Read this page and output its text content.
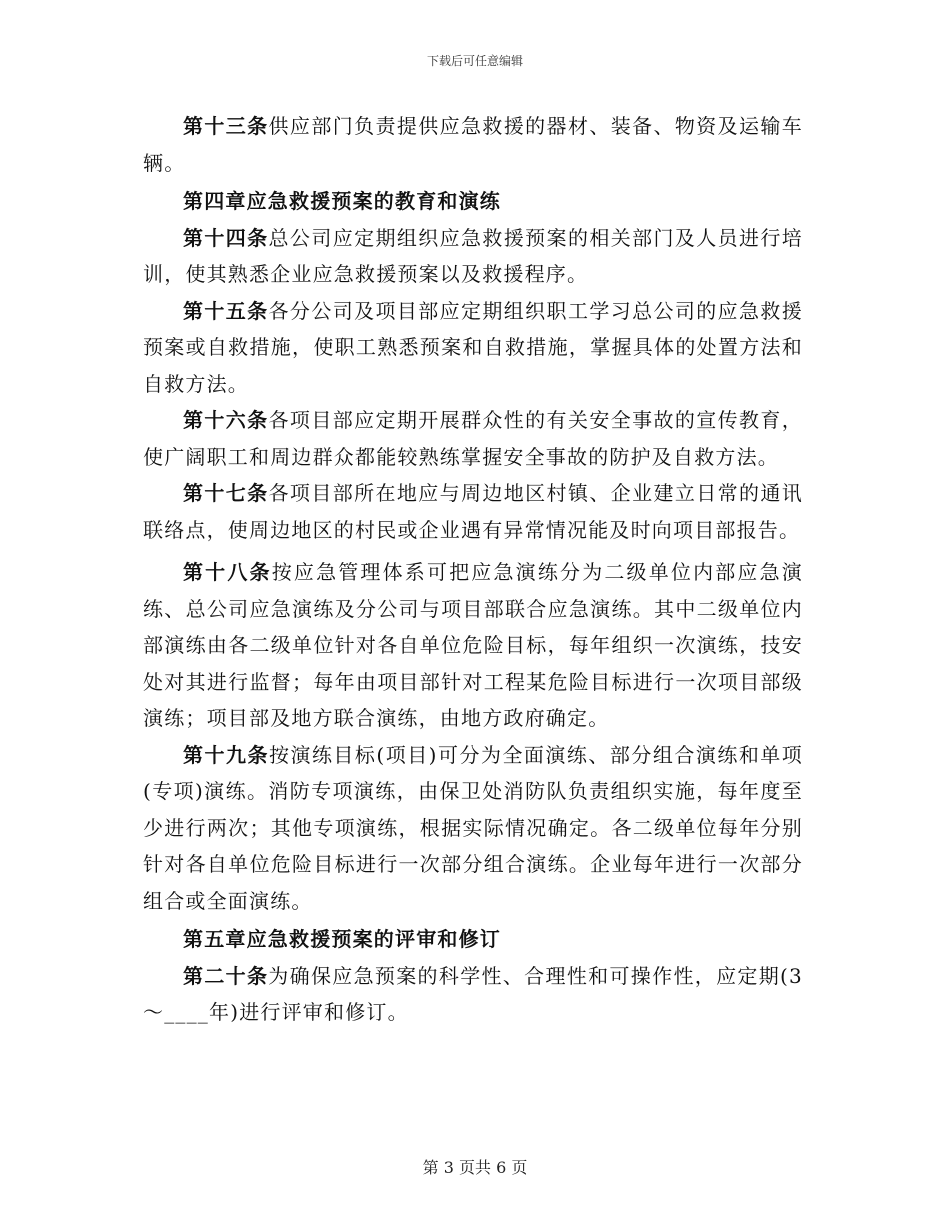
下载后可任意编辑

第十三条供应部门负责提供应急救援的器材、装备、物资及运输车辆。

第四章应急救援预案的教育和演练

第十四条总公司应定期组织应急救援预案的相关部门及人员进行培训，使其熟悉企业应急救援预案以及救援程序。

第十五条各分公司及项目部应定期组织职工学习总公司的应急救援预案或自救措施，使职工熟悉预案和自救措施，掌握具体的处置方法和自救方法。

第十六条各项目部应定期开展群众性的有关安全事故的宣传教育，使广阔职工和周边群众都能较熟练掌握安全事故的防护及自救方法。

第十七条各项目部所在地应与周边地区村镇、企业建立日常的通讯联络点，使周边地区的村民或企业遇有异常情况能及时向项目部报告。

第十八条按应急管理体系可把应急演练分为二级单位内部应急演练、总公司应急演练及分公司与项目部联合应急演练。其中二级单位内部演练由各二级单位针对各自单位危险目标，每年组织一次演练，技安处对其进行监督；每年由项目部针对工程某危险目标进行一次项目部级演练；项目部及地方联合演练，由地方政府确定。

第十九条按演练目标(项目)可分为全面演练、部分组合演练和单项(专项)演练。消防专项演练，由保卫处消防队负责组织实施，每年度至少进行两次；其他专项演练，根据实际情况确定。各二级单位每年分别针对各自单位危险目标进行一次部分组合演练。企业每年进行一次部分组合或全面演练。

第五章应急救援预案的评审和修订

第二十条为确保应急预案的科学性、合理性和可操作性，应定期(3～____年)进行评审和修订。

第 3 页共 6 页
